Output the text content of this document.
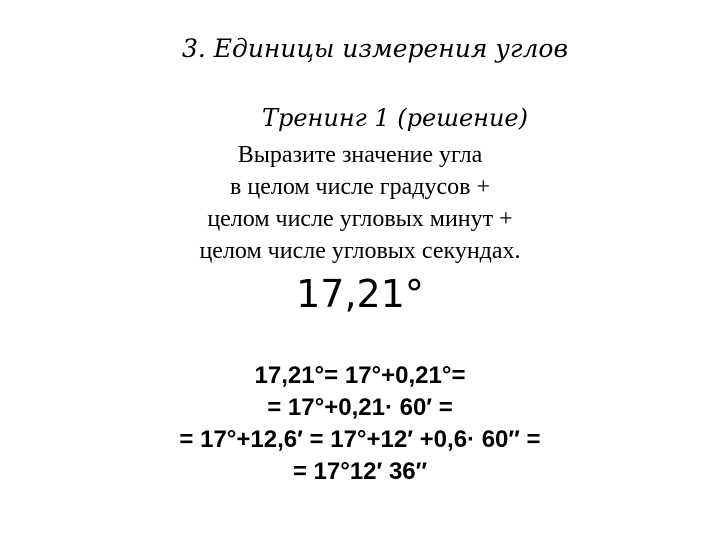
3. Единицы измерения углов
Тренинг 1 (решение)
Выразите значение угла
в целом числе градусов +
целом числе угловых минут +
целом числе угловых секундах.
17,21°
17,21°= 17°+0,21°=
= 17°+0,21· 60′ =
= 17°+12,6′ = 17°+12′ +0,6· 60″ =
= 17°12′ 36″
